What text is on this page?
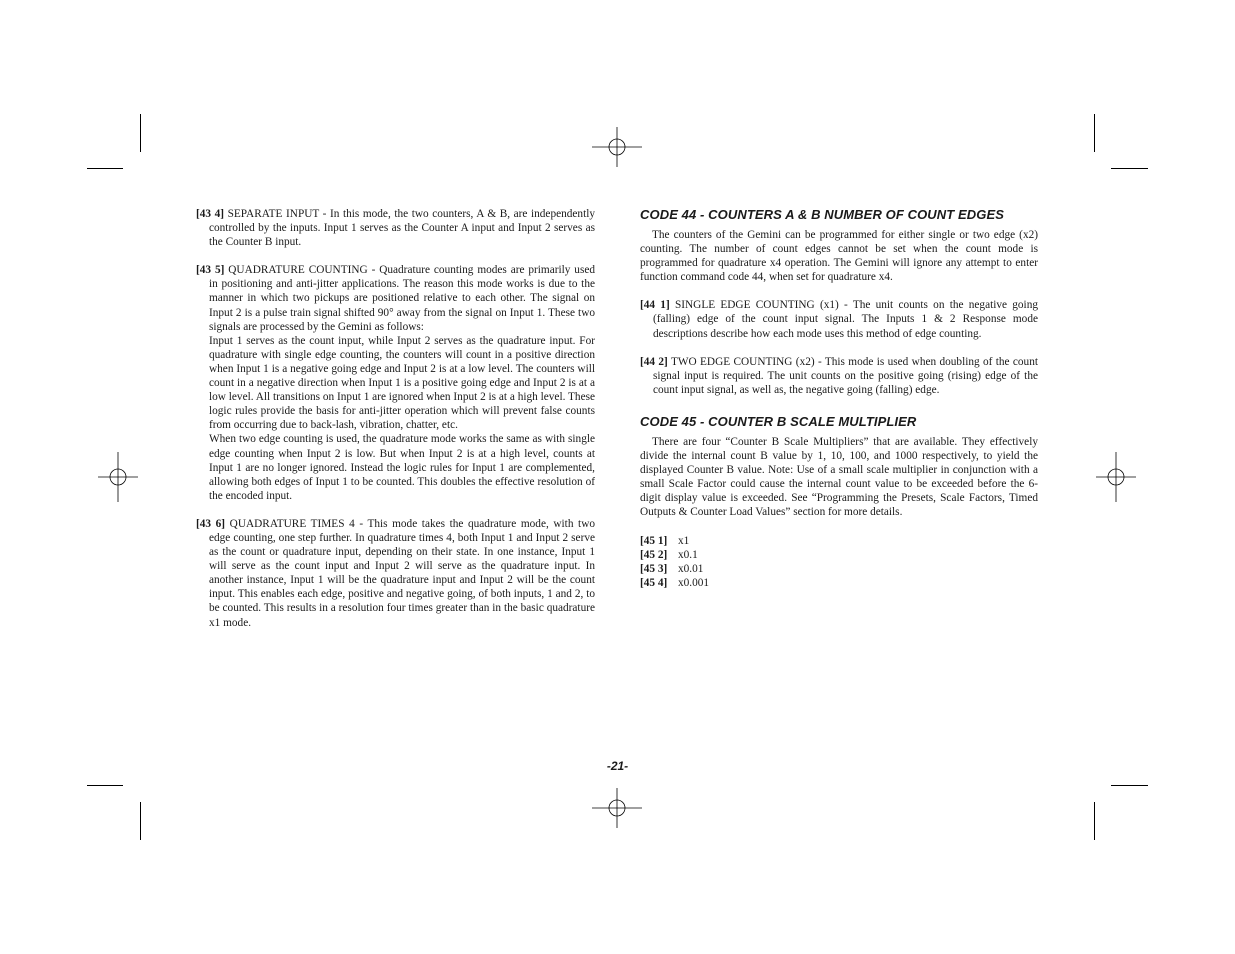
[43 4] SEPARATE INPUT - In this mode, the two counters, A & B, are independently controlled by the inputs. Input 1 serves as the Counter A input and Input 2 serves as the Counter B input.

[43 5] QUADRATURE COUNTING - Quadrature counting modes are primarily used in positioning and anti-jitter applications. The reason this mode works is due to the manner in which two pickups are positioned relative to each other. The signal on Input 2 is a pulse train signal shifted 90° away from the signal on Input 1. These two signals are processed by the Gemini as follows:
Input 1 serves as the count input, while Input 2 serves as the quadrature input. For quadrature with single edge counting, the counters will count in a positive direction when Input 1 is a negative going edge and Input 2 is at a low level. The counters will count in a negative direction when Input 1 is a positive going edge and Input 2 is at a low level. All transitions on Input 1 are ignored when Input 2 is at a high level. These logic rules provide the basis for anti-jitter operation which will prevent false counts from occurring due to back-lash, vibration, chatter, etc.
When two edge counting is used, the quadrature mode works the same as with single edge counting when Input 2 is low. But when Input 2 is at a high level, counts at Input 1 are no longer ignored. Instead the logic rules for Input 1 are complemented, allowing both edges of Input 1 to be counted. This doubles the effective resolution of the encoded input.

[43 6] QUADRATURE TIMES 4 - This mode takes the quadrature mode, with two edge counting, one step further. In quadrature times 4, both Input 1 and Input 2 serve as the count or quadrature input, depending on their state. In one instance, Input 1 will serve as the count input and Input 2 will serve as the quadrature input. In another instance, Input 1 will be the quadrature input and Input 2 will be the count input. This enables each edge, positive and negative going, of both inputs, 1 and 2, to be counted. This results in a resolution four times greater than in the basic quadrature x1 mode.

CODE 44 - COUNTERS A & B NUMBER OF COUNT EDGES

The counters of the Gemini can be programmed for either single or two edge (x2) counting. The number of count edges cannot be set when the count mode is programmed for quadrature x4 operation. The Gemini will ignore any attempt to enter function command code 44, when set for quadrature x4.

[44 1] SINGLE EDGE COUNTING (x1) - The unit counts on the negative going (falling) edge of the count input signal. The Inputs 1 & 2 Response mode descriptions describe how each mode uses this method of edge counting.

[44 2] TWO EDGE COUNTING (x2) - This mode is used when doubling of the count signal input is required. The unit counts on the positive going (rising) edge of the count input signal, as well as, the negative going (falling) edge.

CODE 45 - COUNTER B SCALE MULTIPLIER

There are four “Counter B Scale Multipliers” that are available. They effectively divide the internal count B value by 1, 10, 100, and 1000 respectively, to yield the displayed Counter B value. Note: Use of a small scale multiplier in conjunction with a small Scale Factor could cause the internal count value to be exceeded before the 6-digit display value is exceeded. See “Programming the Presets, Scale Factors, Timed Outputs & Counter Load Values” section for more details.

[45 1] x1

[45 2] x0.1

[45 3] x0.01

[45 4] x0.001

-21-
